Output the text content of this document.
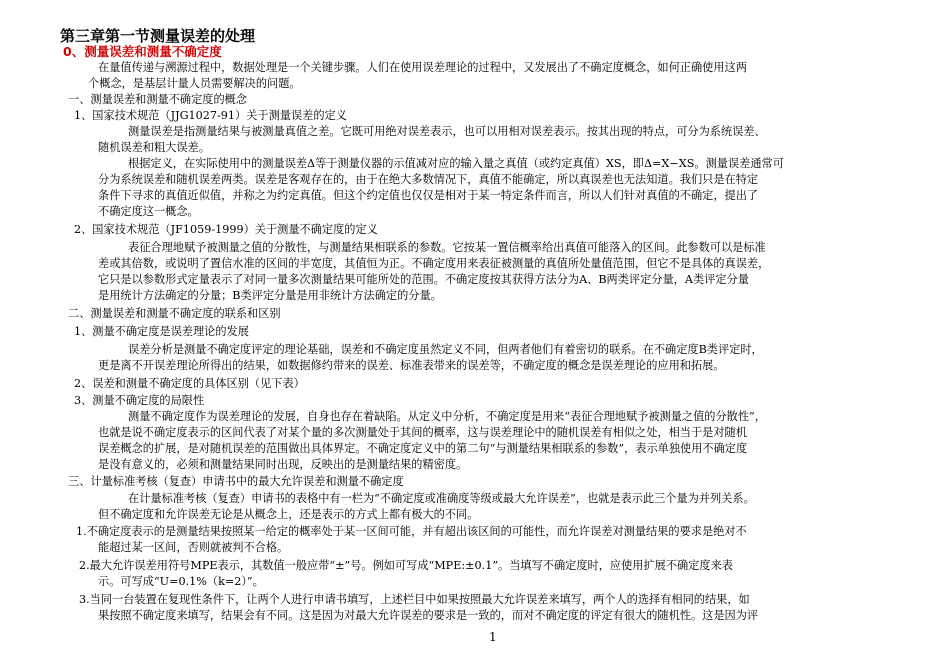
第三章第一节测量误差的处理
0、测量误差和测量不确定度
在量值传递与溯源过程中，数据处理是一个关键步骤。人们在使用误差理论的过程中，又发展出了不确定度概念，如何正确使用这两
个概念，是基层计量人员需要解决的问题。
一、测量误差和测量不确定度的概念
1、国家技术规范（JJG1027-91）关于测量误差的定义
测量误差是指测量结果与被测量真值之差。它既可用绝对误差表示，也可以用相对误差表示。按其出现的特点，可分为系统误差、
随机误差和粗大误差。
根据定义，在实际使用中的测量误差Δ等于测量仪器的示值减对应的输入量之真值（或约定真值）XS，即Δ=X−XS。测量误差通常可
分为系统误差和随机误差两类。误差是客观存在的，由于在绝大多数情况下，真值不能确定，所以真误差也无法知道。我们只是在特定
条件下寻求的真值近似值，并称之为约定真值。但这个约定值也仅仅是相对于某一特定条件而言，所以人们针对真值的不确定，提出了
不确定度这一概念。
2、国家技术规范（JF1059-1999）关于测量不确定度的定义
表征合理地赋予被测量之值的分散性，与测量结果相联系的参数。它按某一置信概率给出真值可能落入的区间。此参数可以是标准
差或其倍数，或说明了置信水准的区间的半宽度，其值恒为正。不确定度用来表征被测量的真值所处量值范围，但它不是具体的真误差，
它只是以参数形式定量表示了对同一量多次测量结果可能所处的范围。不确定度按其获得方法分为A、B两类评定分量，A类评定分量
是用统计方法确定的分量；B类评定分量是用非统计方法确定的分量。
二、测量误差和测量不确定度的联系和区别
1、测量不确定度是误差理论的发展
误差分析是测量不确定度评定的理论基础，误差和不确定度虽然定义不同，但两者他们有着密切的联系。在不确定度B类评定时，
更是离不开误差理论所得出的结果，如数据修约带来的误差、标准表带来的误差等，不确定度的概念是误差理论的应用和拓展。
2、误差和测量不确定度的具体区别（见下表）
3、测量不确定度的局限性
测量不确定度作为误差理论的发展，自身也存在着缺陷。从定义中分析，不确定度是用来“表征合理地赋予被测量之值的分散性”，
也就是说不确定度表示的区间代表了对某个量的多次测量处于其间的概率，这与误差理论中的随机误差有相似之处，相当于是对随机
误差概念的扩展，是对随机误差的范围做出具体界定。不确定度定义中的第二句“与测量结果相联系的参数”，表示单独使用不确定度
是没有意义的，必须和测量结果同时出现，反映出的是测量结果的精密度。
三、计量标准考核（复查）申请书中的最大允许误差和测量不确定度
在计量标准考核（复查）申请书的表格中有一栏为“不确定度或准确度等级或最大允许误差”，也就是表示此三个量为并列关系。
但不确定度和允许误差无论是从概念上，还是表示的方式上都有极大的不同。
1.不确定度表示的是测量结果按照某一给定的概率处于某一区间可能，并有超出该区间的可能性，而允许误差对测量结果的要求是绝对不
能超过某一区间，否则就被判不合格。
2.最大允许误差用符号MPE表示，其数值一般应带“±”号。例如可写成“MPE:±0.1”。当填写不确定度时，应使用扩展不确定度来表
示。可写成“U=0.1%（k=2）”。
3.当同一台装置在复现性条件下，让两个人进行申请书填写，上述栏目中如果按照最大允许误差来填写，两个人的选择有相同的结果，如
果按照不确定度来填写，结果会有不同。这是因为对最大允许误差的要求是一致的，而对不确定度的评定有很大的随机性。这是因为评
1
